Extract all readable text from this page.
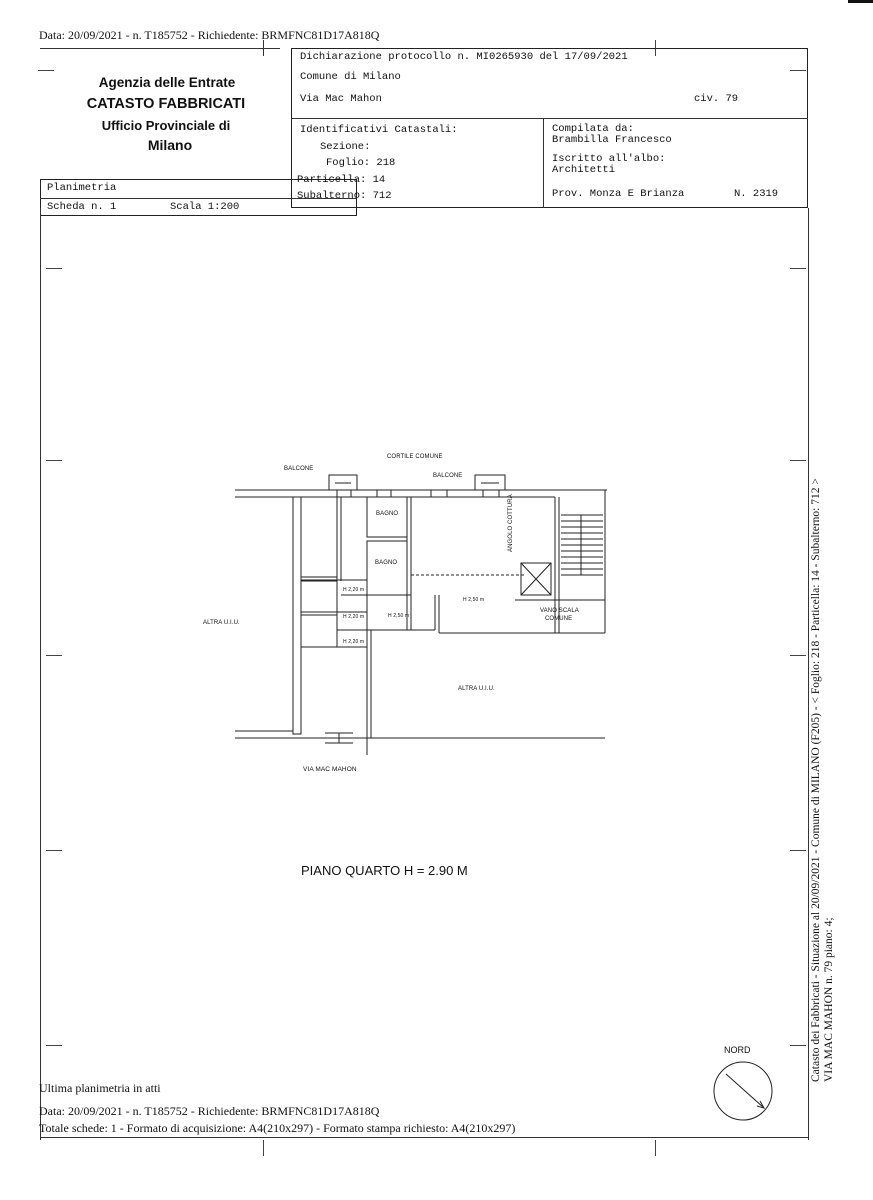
Data: 20/09/2021 - n. T185752 - Richiedente: BRMFNC81D17A818Q
Agenzia delle Entrate
CATASTO FABBRICATI
Ufficio Provinciale di
Milano
Planimetria
Scheda n. 1	Scala 1:200
Dichiarazione protocollo n. MI0265930 del 17/09/2021
Comune di Milano
Via Mac Mahon	civ. 79
Identificativi Catastali:
Sezione:
Foglio: 218
Particella: 14
Subalterno: 712
Compilata da:
Brambilla Francesco
Iscritto all'albo:
Architetti
Prov. Monza E Brianza	N. 2319
CORTILE COMUNE
BALCONE
BALCONE
BAGNO
BAGNO
ANGOLO COTTURA
H 2,20 m
H 2,20 m
H 2,20 m
H 2,50 m
H 2,50 m
VANO SCALA
COMUNE
ALTRA U.I.U.
ALTRA U.I.U.
VIA MAC MAHON
PIANO QUARTO H = 2.90 M
NORD	Catasto dei Fabbricati - Situazione al 20/09/2021 - Comune di MILANO (F205) - < Foglio: 218 - Particella: 14 - Subalterno: 712 > VIA MAC MAHON n. 79 piano: 4;
Ultima planimetria in atti
Data: 20/09/2021 - n. T185752 - Richiedente: BRMFNC81D17A818Q
Totale schede: 1 - Formato di acquisizione: A4(210x297) - Formato stampa richiesto: A4(210x297)
